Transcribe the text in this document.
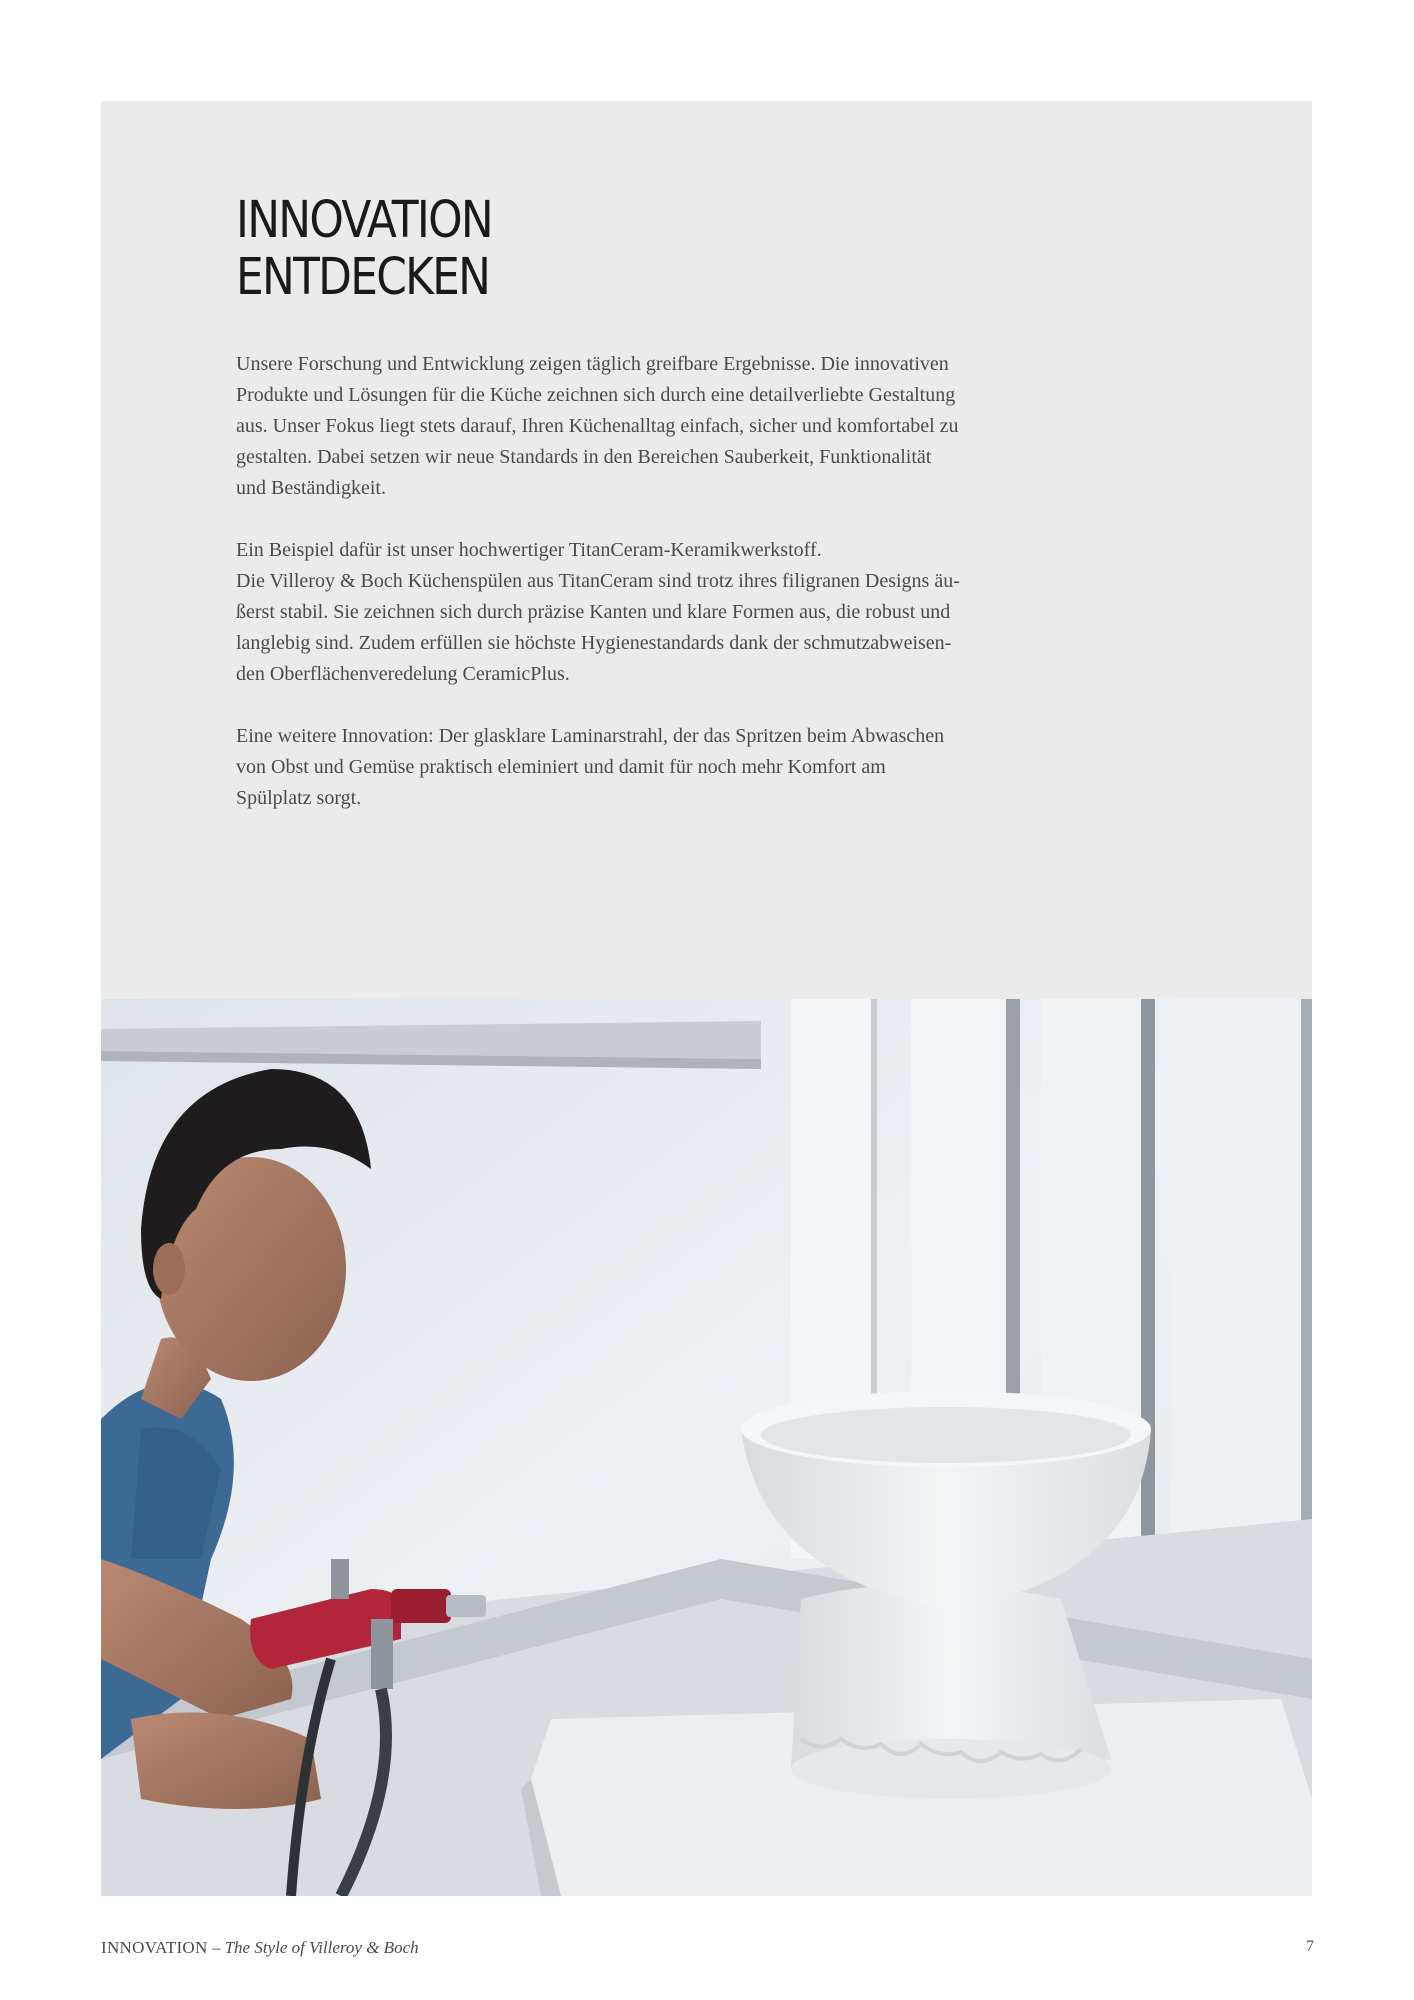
INNOVATION
ENTDECKEN

Unsere Forschung und Entwicklung zeigen täglich greifbare Ergebnisse. Die innovativen
Produkte und Lösungen für die Küche zeichnen sich durch eine detailverliebte Gestaltung
aus. Unser Fokus liegt stets darauf, Ihren Küchenalltag einfach, sicher und komfortabel zu
gestalten. Dabei setzen wir neue Standards in den Bereichen Sauberkeit, Funktionalität
und Beständigkeit.

Ein Beispiel dafür ist unser hochwertiger TitanCeram-Keramikwerkstoff.
Die Villeroy & Boch Küchenspülen aus TitanCeram sind trotz ihres filigranen Designs äu-
ßerst stabil. Sie zeichnen sich durch präzise Kanten und klare Formen aus, die robust und
langlebig sind. Zudem erfüllen sie höchste Hygienestandards dank der schmutzabweisen-
den Oberflächenveredelung CeramicPlus.

Eine weitere Innovation: Der glasklare Laminarstrahl, der das Spritzen beim Abwaschen
von Obst und Gemüse praktisch eleminiert und damit für noch mehr Komfort am
Spülplatz sorgt.

INNOVATION – The Style of Villeroy & Boch	7
